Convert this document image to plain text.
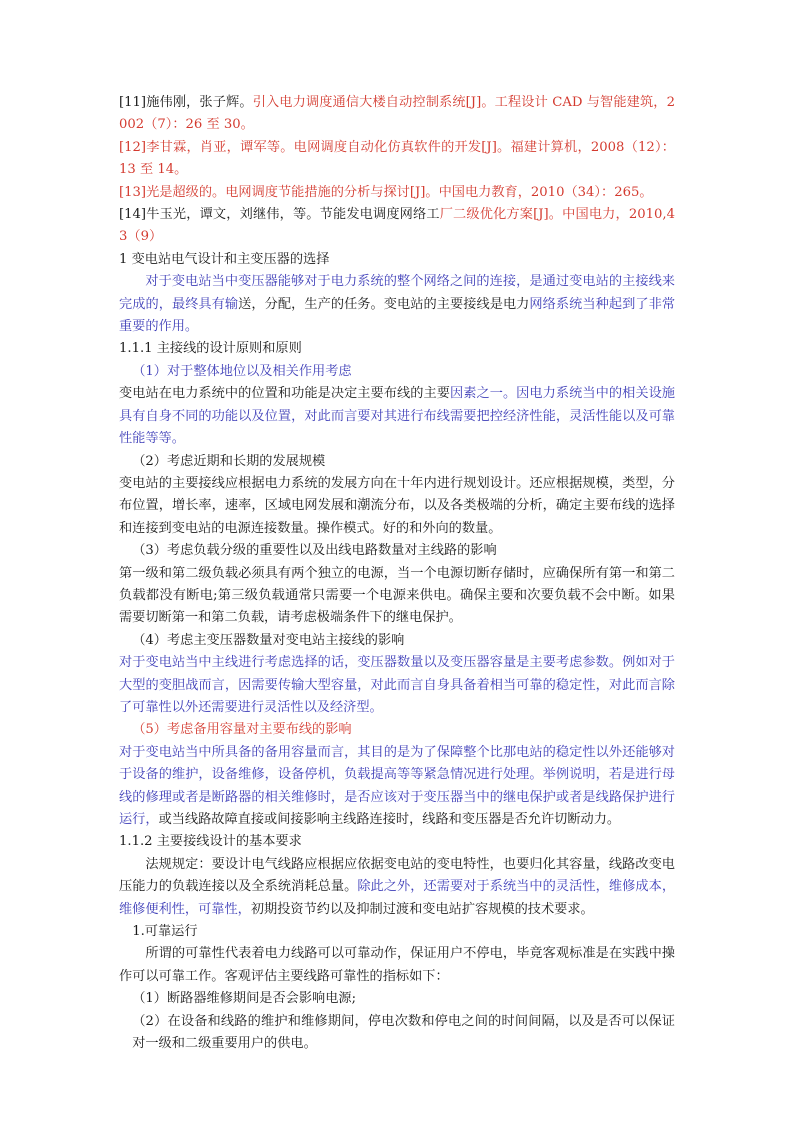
[11]施伟刚，张子辉。引入电力调度通信大楼自动控制系统[J]。工程设计 CAD 与智能建筑，2002（7）：26 至 30。

[12]李甘霖，肖亚，谭军等。电网调度自动化仿真软件的开发[J]。福建计算机，2008（12）：13 至 14。

[13]光是超级的。电网调度节能措施的分析与探讨[J]。中国电力教育，2010（34）：265。

[14]牛玉光，谭文，刘继伟，等。节能发电调度网络工厂二级优化方案[J]。中国电力，2010,43（9）

1 变电站电气设计和主变压器的选择

对于变电站当中变压器能够对于电力系统的整个网络之间的连接，是通过变电站的主接线来完成的，最终具有输送，分配，生产的任务。变电站的主要接线是电力网络系统当种起到了非常重要的作用。

1.1.1 主接线的设计原则和原则

（1）对于整体地位以及相关作用考虑

变电站在电力系统中的位置和功能是决定主要布线的主要因素之一。因电力系统当中的相关设施具有自身不同的功能以及位置，对此而言要对其进行布线需要把控经济性能，灵活性能以及可靠性能等等。

（2）考虑近期和长期的发展规模

变电站的主要接线应根据电力系统的发展方向在十年内进行规划设计。还应根据规模，类型，分布位置，增长率，速率，区域电网发展和潮流分布，以及各类极端的分析，确定主要布线的选择和连接到变电站的电源连接数量。操作模式。好的和外向的数量。

（3）考虑负载分级的重要性以及出线电路数量对主线路的影响

第一级和第二级负载必须具有两个独立的电源，当一个电源切断存储时，应确保所有第一和第二负载都没有断电;第三级负载通常只需要一个电源来供电。确保主要和次要负载不会中断。如果需要切断第一和第二负载，请考虑极端条件下的继电保护。

（4）考虑主变压器数量对变电站主接线的影响

对于变电站当中主线进行考虑选择的话，变压器数量以及变压器容量是主要考虑参数。例如对于大型的变胆战而言，因需要传输大型容量，对此而言自身具备着相当可靠的稳定性，对此而言除了可靠性以外还需要进行灵活性以及经济型。

（5）考虑备用容量对主要布线的影响

对于变电站当中所具备的备用容量而言，其目的是为了保障整个比那电站的稳定性以外还能够对于设备的维护，设备维修，设备停机，负载提高等等紧急情况进行处理。举例说明，若是进行母线的修理或者是断路器的相关维修时，是否应该对于变压器当中的继电保护或者是线路保护进行运行，或当线路故障直接或间接影响主线路连接时，线路和变压器是否允许切断动力。

1.1.2 主要接线设计的基本要求

法规规定：要设计电气线路应根据应依据变电站的变电特性，也要归化其容量，线路改变电压能力的负载连接以及全系统消耗总量。除此之外，还需要对于系统当中的灵活性，维修成本，维修便利性，可靠性，初期投资节约以及抑制过渡和变电站扩容规模的技术要求。

1.可靠运行

所谓的可靠性代表着电力线路可以可靠动作，保证用户不停电，毕竟客观标准是在实践中操作可以可靠工作。客观评估主要线路可靠性的指标如下：

（1）断路器维修期间是否会影响电源;

（2）在设备和线路的维护和维修期间，停电次数和停电之间的时间间隔，以及是否可以保证对一级和二级重要用户的供电。
